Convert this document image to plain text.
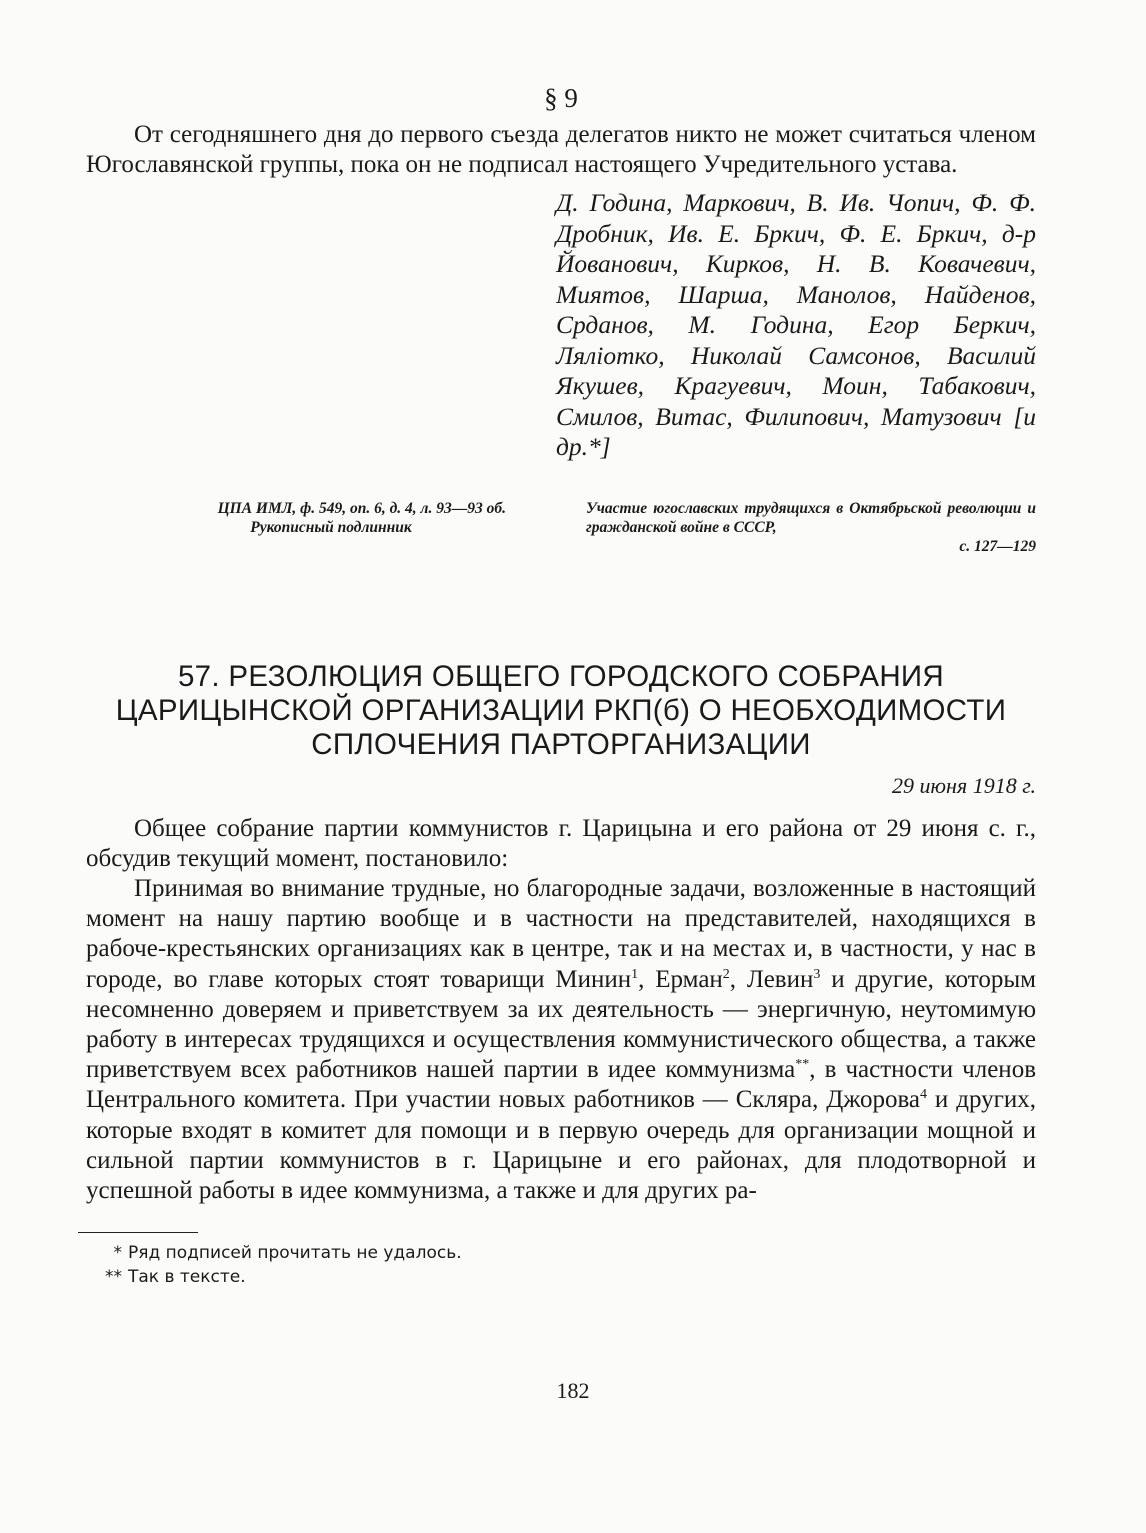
§ 9

От сегодняшнего дня до первого съезда делегатов никто не может считаться членом Югославянской группы, пока он не подписал настоящего Учредительного устава.

Д. Година, Маркович, В. Ив. Чопич, Ф. Ф. Дробник, Ив. Е. Бркич, Ф. Е. Бркич, д-р Йованович, Кирков, Н. В. Ковачевич, Миятов, Шарша, Манолов, Найденов, Срданов, М. Година, Егор Беркич, Ляліотко, Николай Самсонов, Василий Якушев, Крагуевич, Моин, Табакович, Смилов, Витас, Филипович, Матузович [и др.*]
ЦПА ИМЛ, ф. 549, оп. 6, д. 4, л. 93—93 об.
Рукописный подлинник
Участие югославских трудящихся в Октябрьской революции и гражданской войне в СССР,
с. 127—129
57. РЕЗОЛЮЦИЯ ОБЩЕГО ГОРОДСКОГО СОБРАНИЯ
ЦАРИЦЫНСКОЙ ОРГАНИЗАЦИИ РКП(б) О НЕОБХОДИМОСТИ
СПЛОЧЕНИЯ ПАРТОРГАНИЗАЦИИ
29 июня 1918 г.

Общее собрание партии коммунистов г. Царицына и его района от 29 июня с. г., обсудив текущий момент, постановило:

Принимая во внимание трудные, но благородные задачи, возложенные в настоящий момент на нашу партию вообще и в частности на представителей, находящихся в рабоче-крестьянских организациях как в центре, так и на местах и, в частности, у нас в городе, во главе которых стоят товарищи Минин$^1$, Ерман$^2$, Левин$^3$ и другие, которым несомненно доверяем и приветствуем за их деятельность — энергичную, неутомимую работу в интересах трудящихся и осуществления коммунистического общества, а также приветствуем всех работников нашей партии в идее коммунизма**, в частности членов Центрального комитета. При участии новых работников — Скляра, Джорова$^4$ и других, которые входят в комитет для помощи и в первую очередь для организации мощной и сильной партии коммунистов в г. Царицыне и его районах, для плодотворной и успешной работы в идее коммунизма, а также и для других ра-

* Ряд подписей прочитать не удалось.

** Так в тексте.

182
